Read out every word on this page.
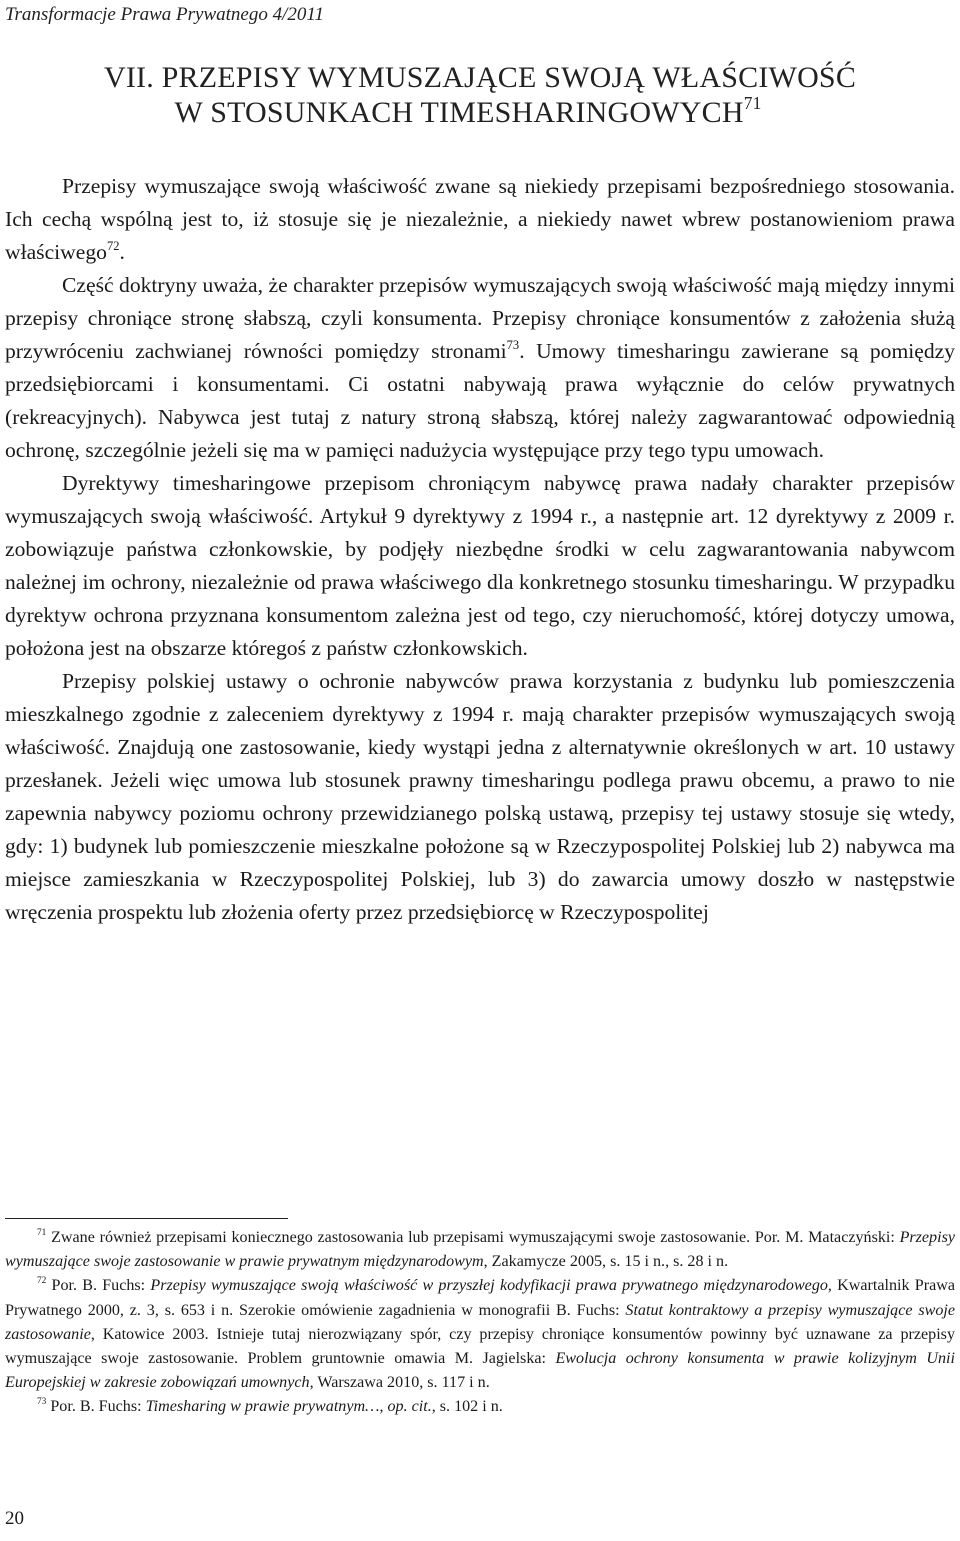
Transformacje Prawa Prywatnego 4/2011
VII. PRZEPISY WYMUSZAJĄCE SWOJĄ WŁAŚCIWOŚĆ

W STOSUNKACH TIMESHARINGOWYCH$^{71}$

Przepisy wymuszające swoją właściwość zwane są niekiedy przepisami bezpośredniego stosowania. Ich cechą wspólną jest to, iż stosuje się je niezależnie, a niekiedy nawet wbrew postanowieniom prawa właściwego$^{72}$.

Część doktryny uważa, że charakter przepisów wymuszających swoją właściwość mają między innymi przepisy chroniące stronę słabszą, czyli konsumenta. Przepisy chroniące konsumentów z założenia służą przywróceniu zachwianej równości pomiędzy stronami$^{73}$. Umowy timesharingu zawierane są pomiędzy przedsiębiorcami i konsumentami. Ci ostatni nabywają prawa wyłącznie do celów prywatnych (rekreacyjnych). Nabywca jest tutaj z natury stroną słabszą, której należy zagwarantować odpowiednią ochronę, szczególnie jeżeli się ma w pamięci nadużycia występujące przy tego typu umowach.

Dyrektywy timesharingowe przepisom chroniącym nabywcę prawa nadały charakter przepisów wymuszających swoją właściwość. Artykuł 9 dyrektywy z 1994 r., a następnie art. 12 dyrektywy z 2009 r. zobowiązuje państwa członkowskie, by podjęły niezbędne środki w celu zagwarantowania nabywcom należnej im ochrony, niezależnie od prawa właściwego dla konkretnego stosunku timesharingu. W przypadku dyrektyw ochrona przyznana konsumentom zależna jest od tego, czy nieruchomość, której dotyczy umowa, położona jest na obszarze któregoś z państw członkowskich.

Przepisy polskiej ustawy o ochronie nabywców prawa korzystania z budynku lub pomieszczenia mieszkalnego zgodnie z zaleceniem dyrektywy z 1994 r. mają charakter przepisów wymuszających swoją właściwość. Znajdują one zastosowanie, kiedy wystąpi jedna z alternatywnie określonych w art. 10 ustawy przesłanek. Jeżeli więc umowa lub stosunek prawny timesharingu podlega prawu obcemu, a prawo to nie zapewnia nabywcy poziomu ochrony przewidzianego polską ustawą, przepisy tej ustawy stosuje się wtedy, gdy: 1) budynek lub pomieszczenie mieszkalne położone są w Rzeczypospolitej Polskiej lub 2) nabywca ma miejsce zamieszkania w Rzeczypospolitej Polskiej, lub 3) do zawarcia umowy doszło w następstwie wręczenia prospektu lub złożenia oferty przez przedsiębiorcę w Rzeczypospolitej

$^{71}$ Zwane również przepisami koniecznego zastosowania lub przepisami wymuszającymi swoje zastosowanie. Por. M. Mataczyński: Przepisy wymuszające swoje zastosowanie w prawie prywatnym międzynarodowym, Zakamycze 2005, s. 15 i n., s. 28 i n.

$^{72}$ Por. B. Fuchs: Przepisy wymuszające swoją właściwość w przyszłej kodyfikacji prawa prywatnego międzynarodowego, Kwartalnik Prawa Prywatnego 2000, z. 3, s. 653 i n. Szerokie omówienie zagadnienia w monografii B. Fuchs: Statut kontraktowy a przepisy wymuszające swoje zastosowanie, Katowice 2003. Istnieje tutaj nierozwiązany spór, czy przepisy chroniące konsumentów powinny być uznawane za przepisy wymuszające swoje zastosowanie. Problem gruntownie omawia M. Jagielska: Ewolucja ochrony konsumenta w prawie kolizyjnym Unii Europejskiej w zakresie zobowiązań umownych, Warszawa 2010, s. 117 i n.

$^{73}$ Por. B. Fuchs: Timesharing w prawie prywatnym…, op. cit., s. 102 i n.

20
